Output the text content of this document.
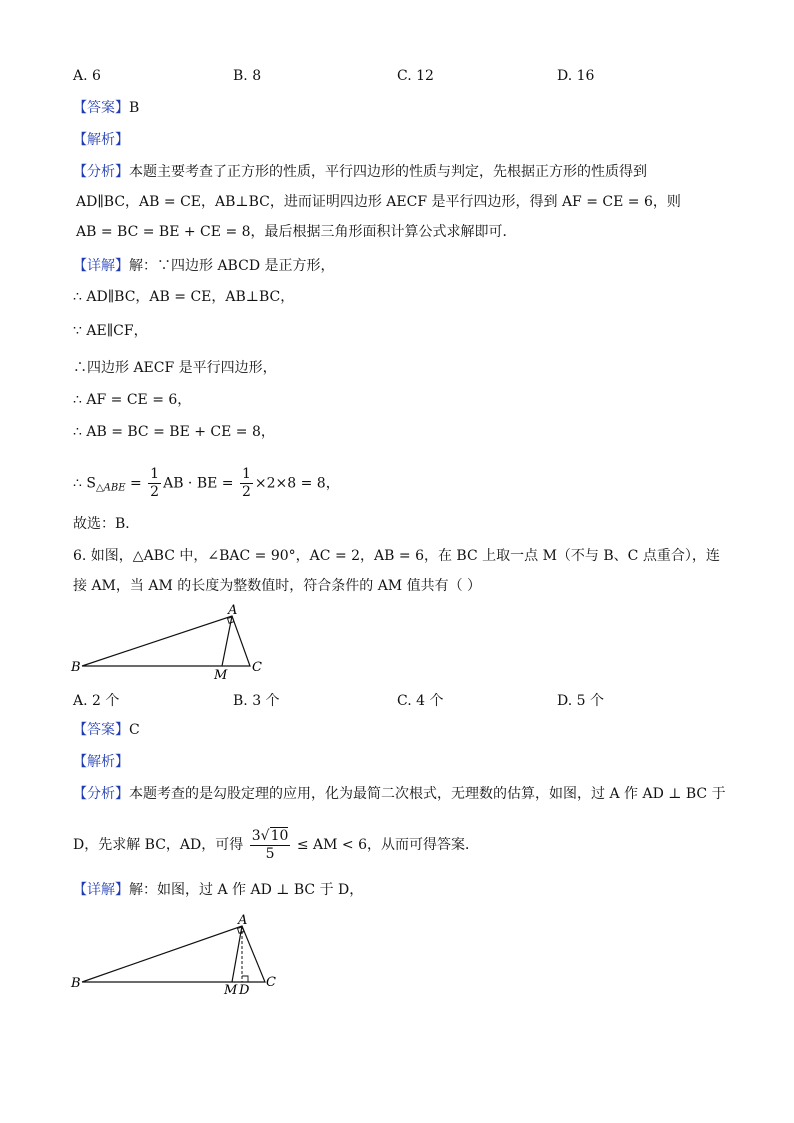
A. 6	B. 8	C. 12	D. 16
【答案】B
【解析】
【分析】本题主要考查了正方形的性质，平行四边形的性质与判定，先根据正方形的性质得到
AD∥BC，AB = CE，AB⊥BC，进而证明四边形 AECF 是平行四边形，得到 AF = CE = 6，则
AB = BC = BE + CE = 8，最后根据三角形面积计算公式求解即可．
【详解】解：∵四边形 ABCD 是正方形，
∴ AD∥BC，AB = CE，AB⊥BC，
∵ AE∥CF，
∴四边形 AECF 是平行四边形，
∴ AF = CE = 6，
∴ AB = BC = BE + CE = 8，
∴ $S_{\triangle ABE} = \frac{1}{2}$ AB · BE = $\frac{1}{2} \times 2\times 8 = 8$，
故选：B．
6. 如图，△ABC 中，∠BAC = 90°，AC = 2，AB = 6，在 BC 上取一点 M（不与 B、C 点重合），连
接 AM，当 AM 的长度为整数值时，符合条件的 AM 值共有（ ）
A
B	C
M
A. 2 个	B. 3 个	C. 4 个	D. 5 个
【答案】C
【解析】
【分析】本题考查的是勾股定理的应用，化为最简二次根式，无理数的估算，如图，过 A 作 AD ⊥ BC 于
D，先求解 BC，AD，可得 $\frac{3√10}{5}$ ≤ AM < 6，从而可得答案．
【详解】解：如图，过 A 作 AD ⊥ BC 于 D，
A
B	C
M D
